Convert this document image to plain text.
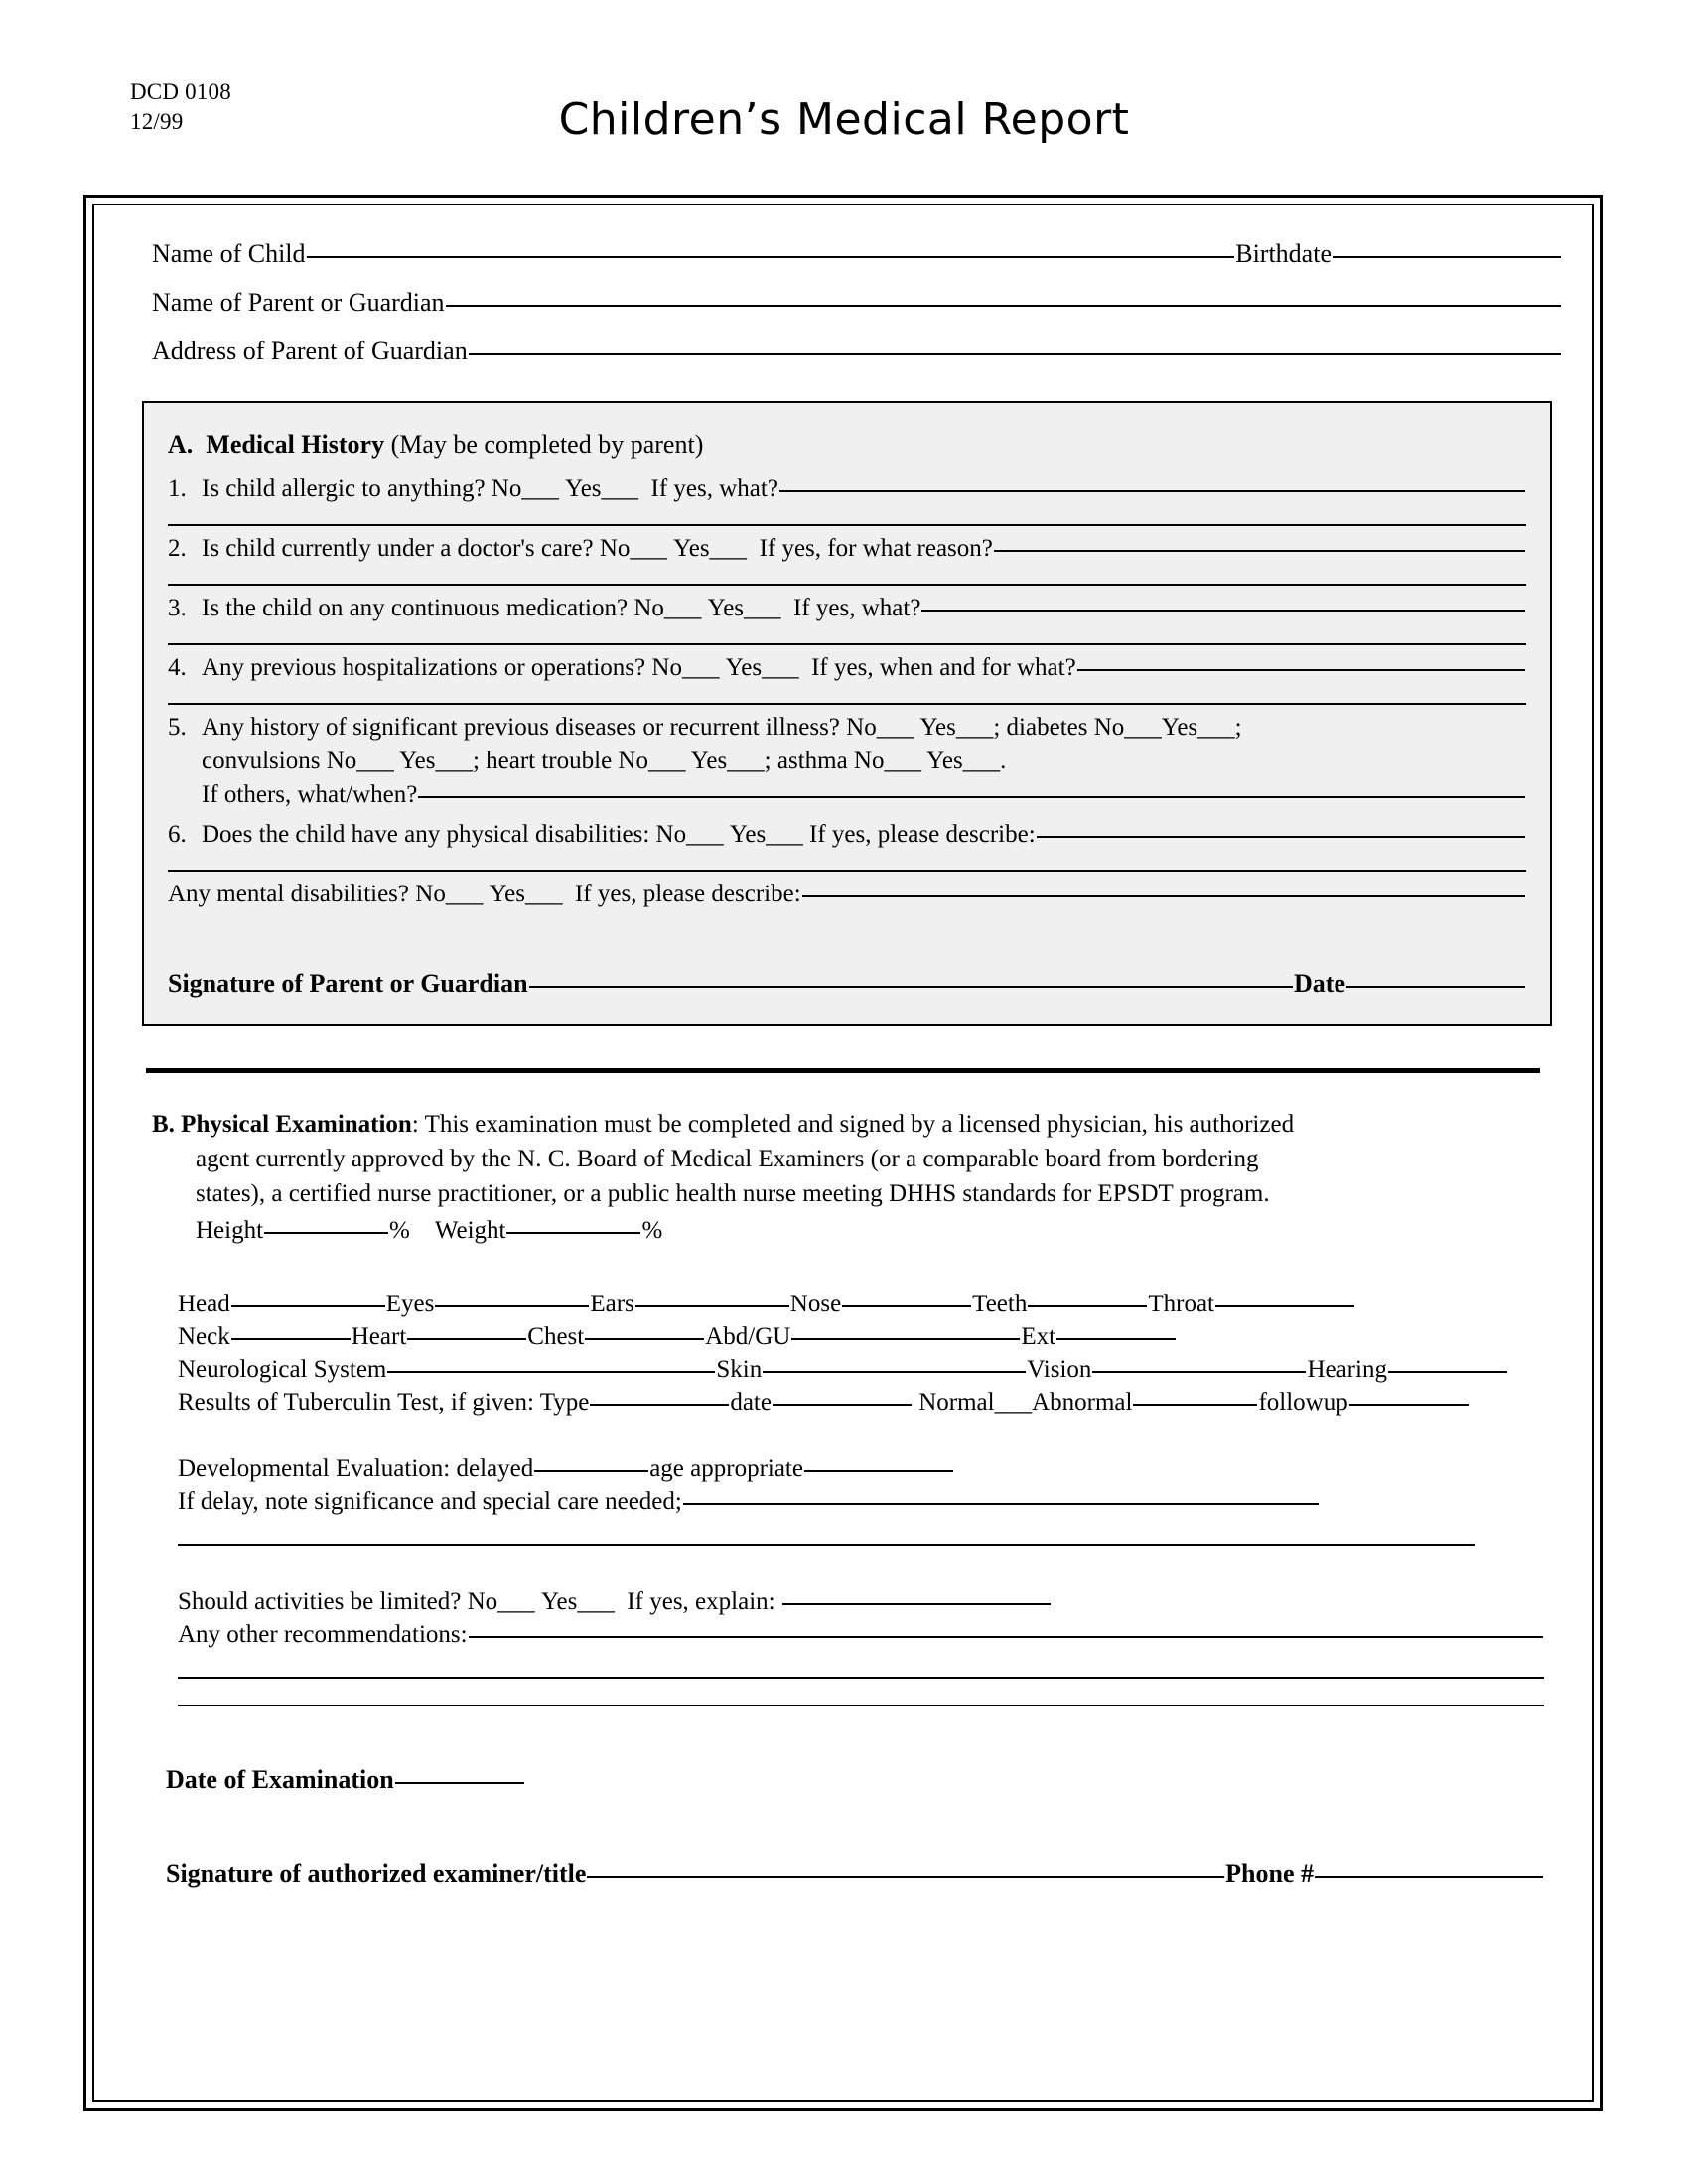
DCD 0108
12/99	Children’s Medical Report
Name of Child	Birthdate
Name of Parent or Guardian
Address of Parent of Guardian
A. Medical History (May be completed by parent)
1. Is child allergic to anything?
No___
Yes___
If yes, what?
2. Is child currently under a doctor's care?
No___
Yes___
If yes, for what reason?
3. Is the child on any continuous medication?
No___
Yes___
If yes, what?
4. Any previous hospitalizations or operations?
No___
Yes___
If yes, when and for what?
5. Any history of significant previous diseases or recurrent illness?
No___
Yes___ ; diabetes No___Yes___;
convulsions No___ Yes___; heart trouble No___ Yes___; asthma No___ Yes___.
If others, what/when?
6. Does the child have any physical disabilities:
No___
Yes___
If yes, please describe:
Any mental disabilities?
No___
Yes___
If yes, please describe:
Signature of Parent or Guardian	Date
B. Physical Examination: This examination must be completed and signed by a licensed physician, his authorized
agent currently approved by the N. C. Board of Medical Examiners (or a comparable board from bordering
states), a certified nurse practitioner, or a public health nurse meeting DHHS standards for EPSDT program.
Height	%
Weight	%
Head	Eyes	Ears	Nose	Teeth	Throat
Neck	Heart	Chest	Abd/GU	Ext
Neurological System	Skin	Vision	Hearing
Results of Tuberculin Test, if given: Type	date
	Normal___ Abnormal	followup
Developmental Evaluation: delayed	age appropriate
If delay, note significance and special care needed;
Should activities be limited?
No___
Yes___
If yes, explain:

Any other recommendations:
Date of Examination
Signature of authorized examiner/title	Phone #
